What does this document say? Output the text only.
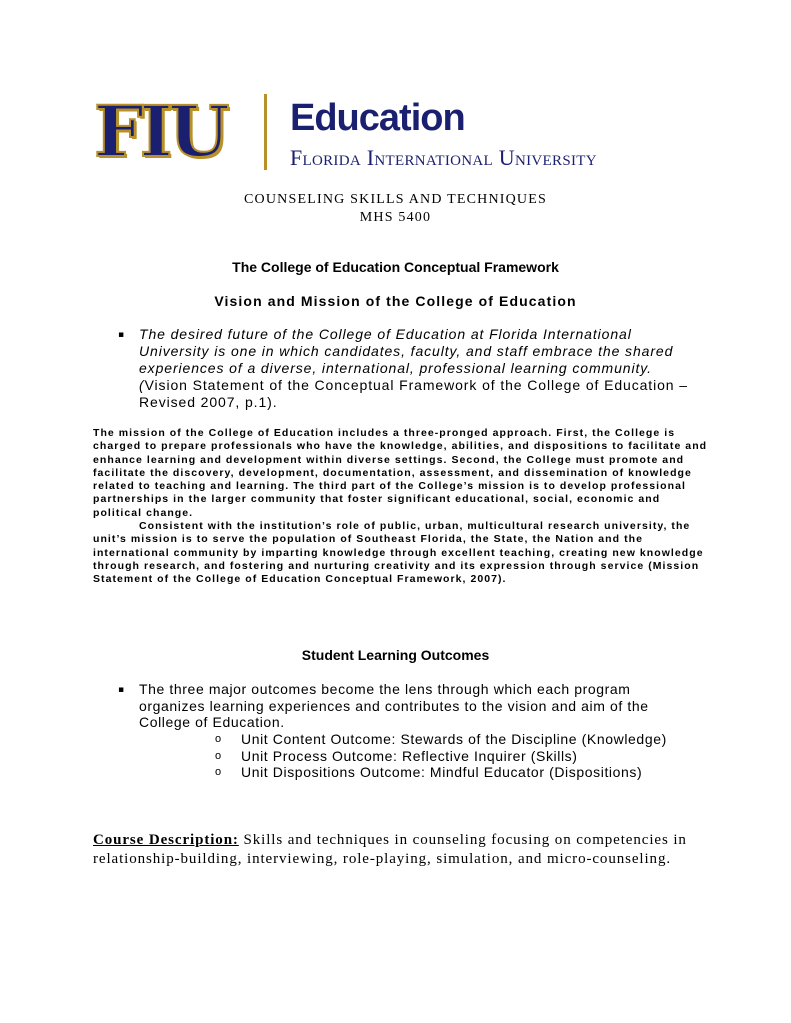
FIU	Education
Florida International University
COUNSELING SKILLS AND TECHNIQUES
MHS 5400
The College of Education Conceptual Framework
Vision and Mission of the College of Education
▪ The desired future of the College of Education at Florida International University is one in which candidates, faculty, and staff embrace the shared experiences of a diverse, international, professional learning community. (Vision Statement of the Conceptual Framework of the College of Education – Revised 2007, p.1).

The mission of the College of Education includes a three-pronged approach. First, the College is charged to prepare professionals who have the knowledge, abilities, and dispositions to facilitate and enhance learning and development within diverse settings. Second, the College must promote and facilitate the discovery, development, documentation, assessment, and dissemination of knowledge related to teaching and learning. The third part of the College’s mission is to develop professional partnerships in the larger community that foster significant educational, social, economic and political change.

Consistent with the institution’s role of public, urban, multicultural research university, the unit’s mission is to serve the population of Southeast Florida, the State, the Nation and the international community by imparting knowledge through excellent teaching, creating new knowledge through research, and fostering and nurturing creativity and its expression through service (Mission Statement of the College of Education Conceptual Framework, 2007).

Student Learning Outcomes
▪ The three major outcomes become the lens through which each program organizes learning experiences and contributes to the vision and aim of the College of Education.
o Unit Content Outcome: Stewards of the Discipline (Knowledge)
o Unit Process Outcome: Reflective Inquirer (Skills)
o Unit Dispositions Outcome: Mindful Educator (Dispositions)
Course Description: Skills and techniques in counseling focusing on competencies in relationship-building, interviewing, role-playing, simulation, and micro-counseling.
